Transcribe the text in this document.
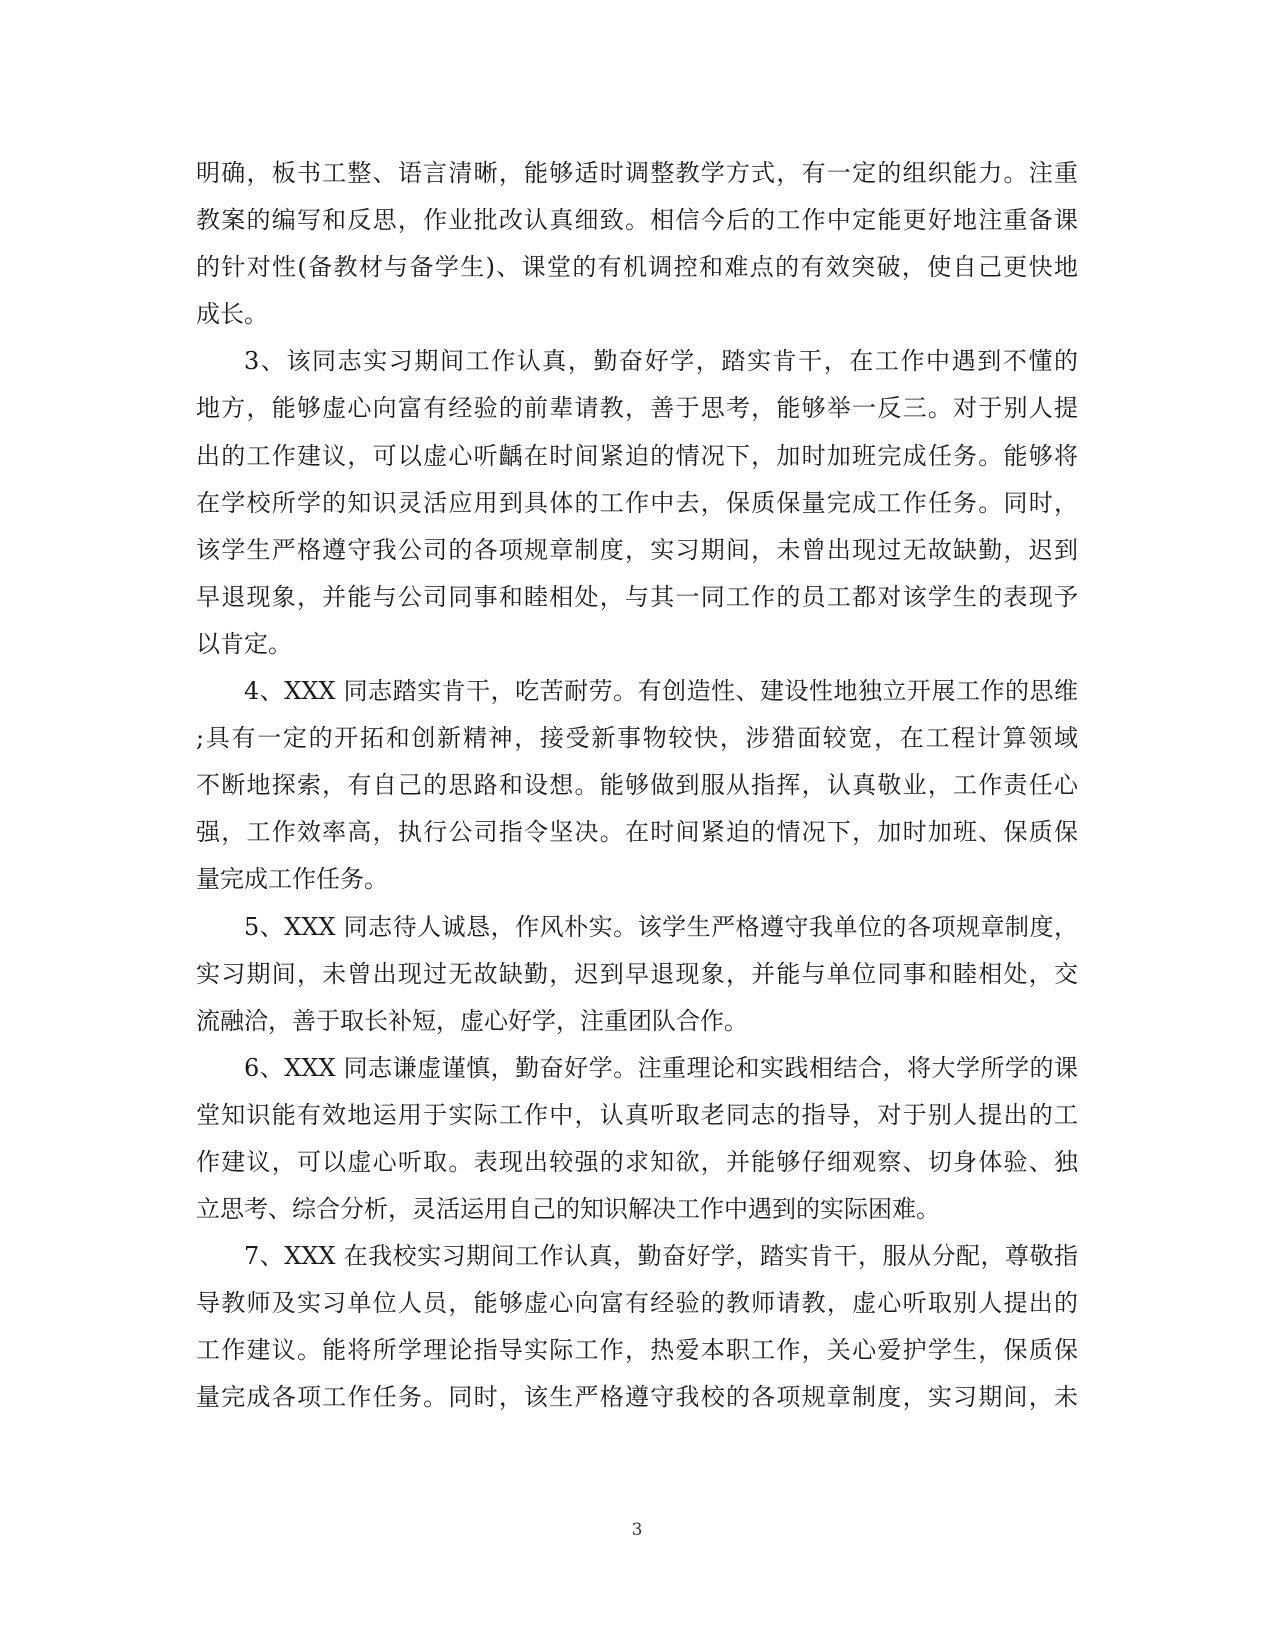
明确，板书工整、语言清晰，能够适时调整教学方式，有一定的组织能力。注重
教案的编写和反思，作业批改认真细致。相信今后的工作中定能更好地注重备课
的针对性(备教材与备学生)、课堂的有机调控和难点的有效突破，使自己更快地
成长。
3、该同志实习期间工作认真，勤奋好学，踏实肯干，在工作中遇到不懂的
地方，能够虚心向富有经验的前辈请教，善于思考，能够举一反三。对于别人提
出的工作建议，可以虚心听齲在时间紧迫的情况下，加时加班完成任务。能够将
在学校所学的知识灵活应用到具体的工作中去，保质保量完成工作任务。同时，
该学生严格遵守我公司的各项规章制度，实习期间，未曾出现过无故缺勤，迟到
早退现象，并能与公司同事和睦相处，与其一同工作的员工都对该学生的表现予
以肯定。
4、XXX 同志踏实肯干，吃苦耐劳。有创造性、建设性地独立开展工作的思维
;具有一定的开拓和创新精神，接受新事物较快，涉猎面较宽，在工程计算领域
不断地探索，有自己的思路和设想。能够做到服从指挥，认真敬业，工作责任心
强，工作效率高，执行公司指令坚决。在时间紧迫的情况下，加时加班、保质保
量完成工作任务。
5、XXX 同志待人诚恳，作风朴实。该学生严格遵守我单位的各项规章制度，
实习期间，未曾出现过无故缺勤，迟到早退现象，并能与单位同事和睦相处，交
流融洽，善于取长补短，虚心好学，注重团队合作。
6、XXX 同志谦虚谨慎，勤奋好学。注重理论和实践相结合，将大学所学的课
堂知识能有效地运用于实际工作中，认真听取老同志的指导，对于别人提出的工
作建议，可以虚心听取。表现出较强的求知欲，并能够仔细观察、切身体验、独
立思考、综合分析，灵活运用自己的知识解决工作中遇到的实际困难。
7、XXX 在我校实习期间工作认真，勤奋好学，踏实肯干，服从分配，尊敬指
导教师及实习单位人员，能够虚心向富有经验的教师请教，虚心听取别人提出的
工作建议。能将所学理论指导实际工作，热爱本职工作，关心爱护学生，保质保
量完成各项工作任务。同时，该生严格遵守我校的各项规章制度，实习期间，未
3
